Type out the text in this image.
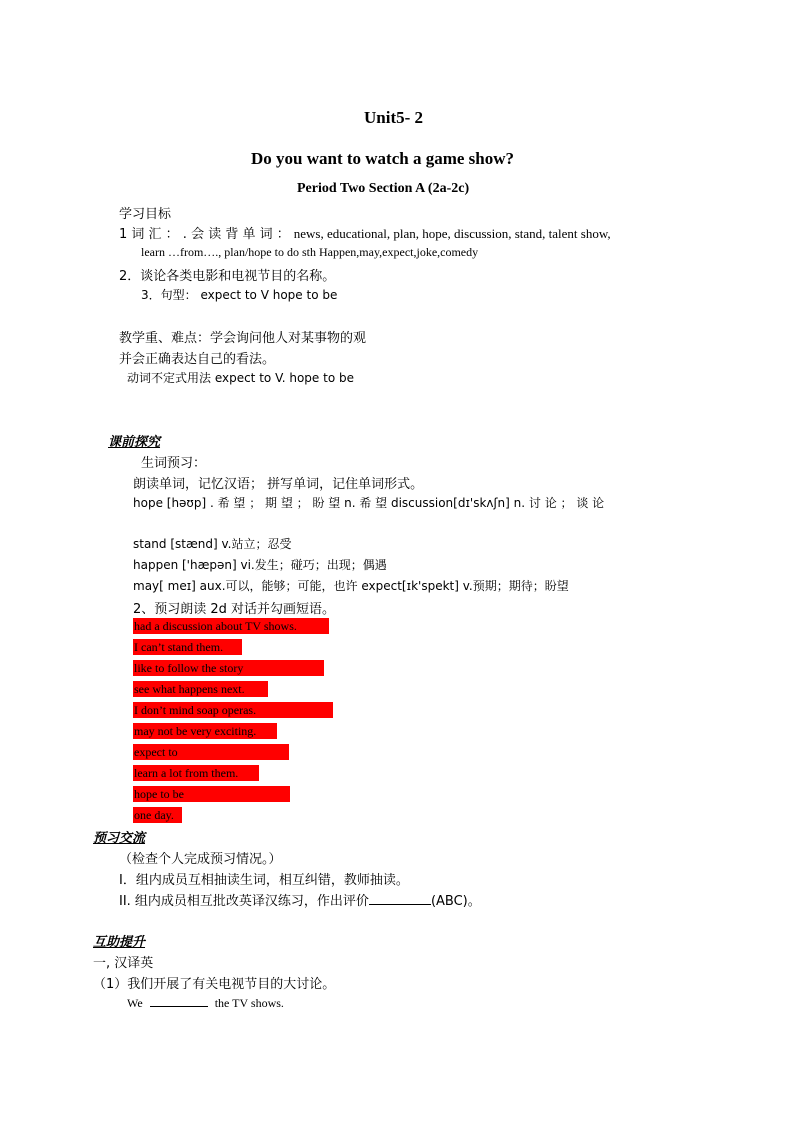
Unit5- 2
Do you want to watch a game show?
Period Two Section A (2a-2c)
学习目标
1 词 汇 ： . 会 读 背 单 词 ： news, educational, plan, hope, discussion, stand, talent show,
learn …from…., plan/hope to do sth Happen,may,expect,joke,comedy
2．谈论各类电影和电视节目的名称。
3．句型： expect to V hope to be
教学重、难点：学会询问他人对某事物的观
并会正确表达自己的看法。
动词不定式用法 expect to V. hope to be
课前探究
生词预习：
朗读单词，记忆汉语； 拼写单词，记住单词形式。
hope [həʊp] . 希 望 ； 期 望 ； 盼 望 n. 希 望 discussion[dɪ'skʌʃn] n. 讨 论 ； 谈 论
stand [stænd] v.站立；忍受
happen ['hæpən] vi.发生；碰巧；出现；偶遇
may[ meɪ] aux.可以，能够；可能，也许 expect[ɪk'spekt] v.预期；期待；盼望
2、预习朗读 2d 对话并勾画短语。
had a discussion about TV shows.
I can’t stand them.
like to follow the story
see what happens next.
I don’t mind soap operas.
may not be very exciting.
expect to
learn a lot from them.
hope to be
one day.
预习交流
（检查个人完成预习情况。）
I．组内成员互相抽读生词，相互纠错，教师抽读。
II. 组内成员相互批改英译汉练习，作出评价	(ABC)。
互助提升
一, 汉译英
（1）我们开展了有关电视节目的大讨论。
We	the TV shows.
